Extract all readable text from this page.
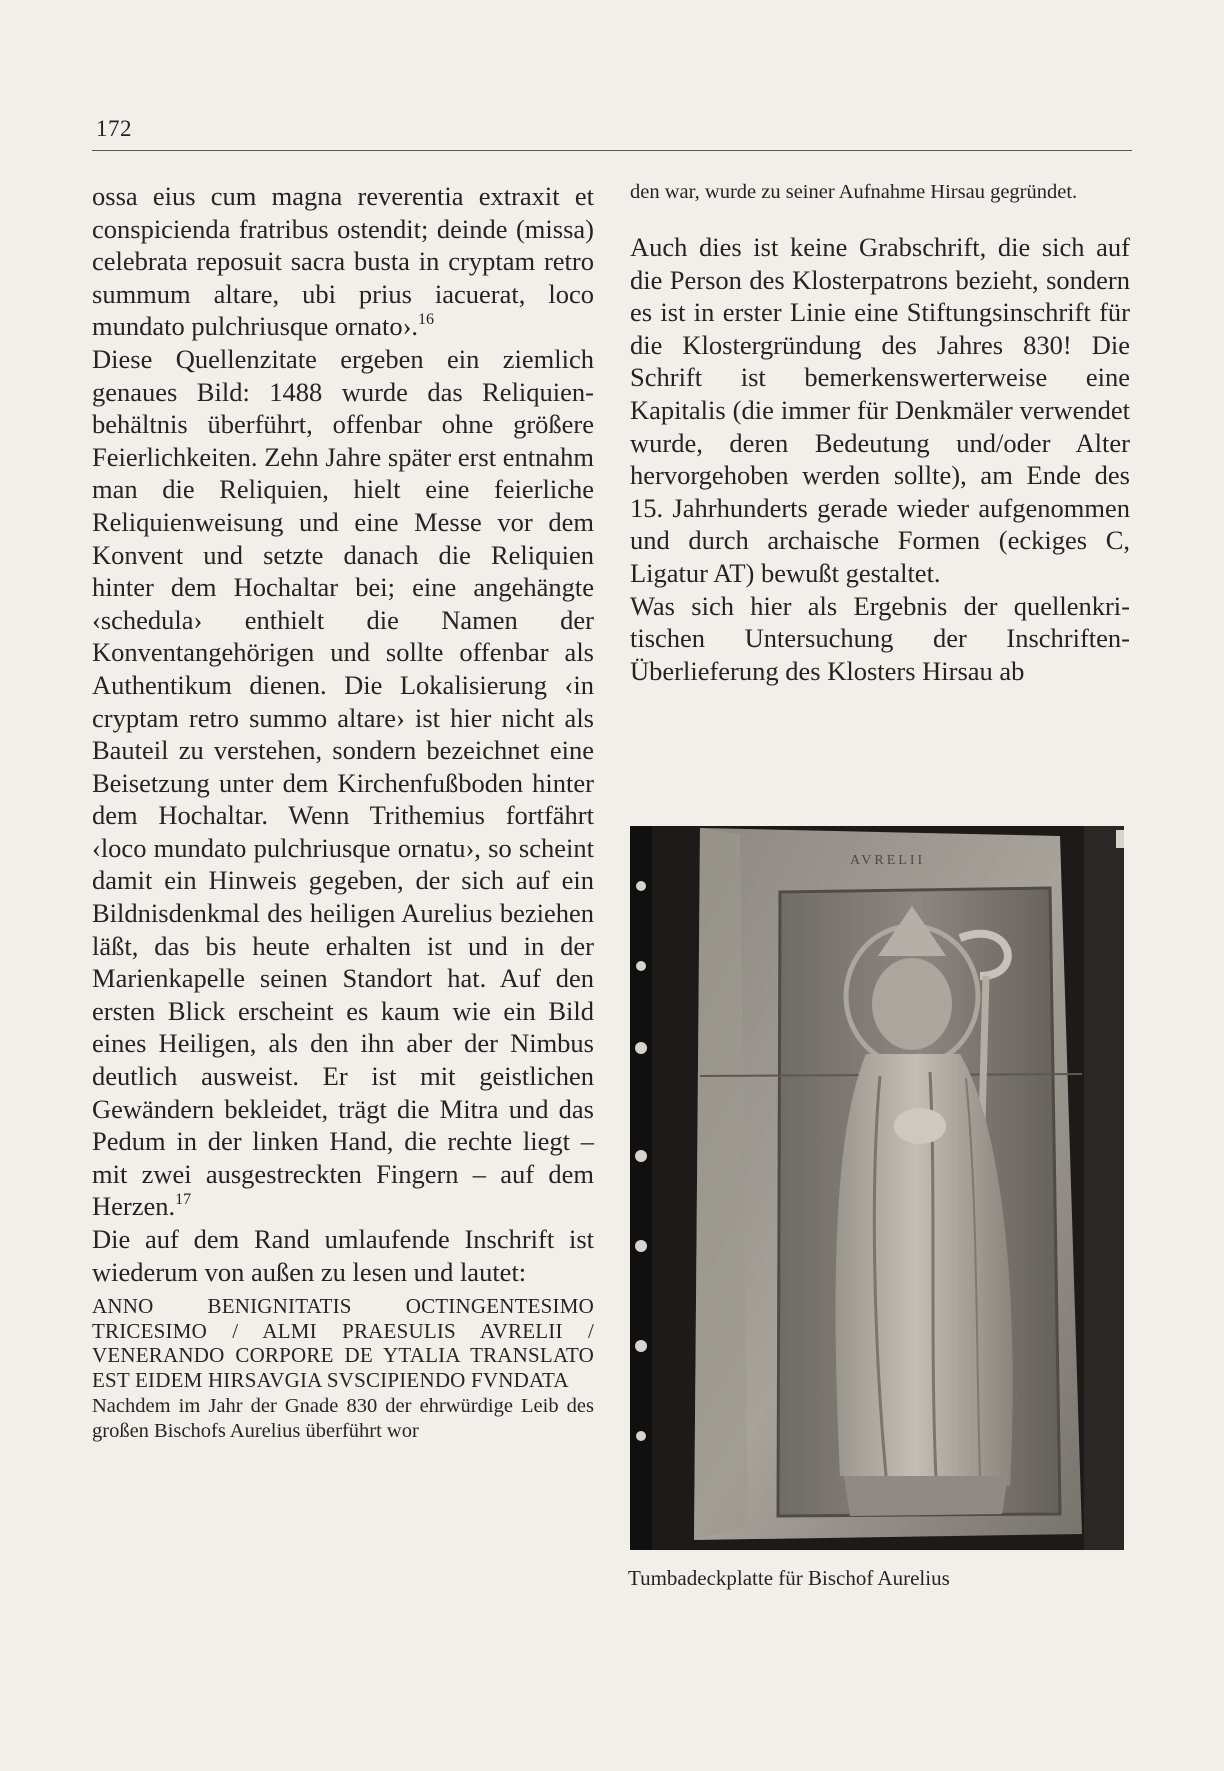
172

ossa eius cum magna reverentia extraxit et conspicienda fratribus ostendit; deinde (missa) celebrata reposuit sacra busta in cryptam retro summum altare, ubi prius iacuerat, loco mundato pulchriusque ornato›.$^{16}$

Diese Quellenzitate ergeben ein ziemlich genaues Bild: 1488 wurde das Reliquienbehältnis überführt, offenbar ohne größere Feierlichkeiten. Zehn Jahre später erst entnahm man die Reliquien, hielt eine feierliche Reliquienweisung und eine Messe vor dem Konvent und setzte danach die Reliquien hinter dem Hochaltar bei; eine angehängte ‹schedula› enthielt die Namen der Konventangehörigen und sollte offenbar als Authentikum dienen. Die Lokalisierung ‹in cryptam retro summo altare› ist hier nicht als Bauteil zu verstehen, sondern bezeichnet eine Beisetzung unter dem Kirchenfußboden hinter dem Hochaltar. Wenn Trithemius fortfährt ‹loco mundato pulchriusque ornatu›, so scheint damit ein Hinweis gegeben, der sich auf ein Bildnisdenkmal des heiligen Aurelius beziehen läßt, das bis heute erhalten ist und in der Marienkapelle seinen Standort hat. Auf den ersten Blick erscheint es kaum wie ein Bild eines Heiligen, als den ihn aber der Nimbus deutlich ausweist. Er ist mit geistlichen Gewändern bekleidet, trägt die Mitra und das Pedum in der linken Hand, die rechte liegt – mit zwei ausgestreckten Fingern – auf dem Herzen.$^{17}$

Die auf dem Rand umlaufende Inschrift ist wiederum von außen zu lesen und lautet:

ANNO BENIGNITATIS OCTINGENTESIMO TRICESIMO / ALMI PRAESULIS AVRELII / VENERANDO CORPORE DE YTALIA TRANSLATO EST EIDEM HIRSAVGIA SVSCIPIENDO FVNDATA

Nachdem im Jahr der Gnade 830 der ehrwürdige Leib des großen Bischofs Aurelius überführt wor

den war, wurde zu seiner Aufnahme Hirsau gegründet.

Auch dies ist keine Grabschrift, die sich auf die Person des Klosterpatrons bezieht, sondern es ist in erster Linie eine Stiftungsinschrift für die Klostergründung des Jahres 830! Die Schrift ist bemerkenswerterweise eine Kapitalis (die immer für Denkmäler verwendet wurde, deren Bedeutung und/oder Alter hervorgehoben werden sollte), am Ende des 15. Jahrhunderts gerade wieder aufgenommen und durch archaische Formen (eckiges C, Ligatur AT) bewußt gestaltet.

Was sich hier als Ergebnis der quellenkritischen Untersuchung der Inschriften-Überlieferung des Klosters Hirsau ab

AVRELII
Tumbadeckplatte für Bischof Aurelius
